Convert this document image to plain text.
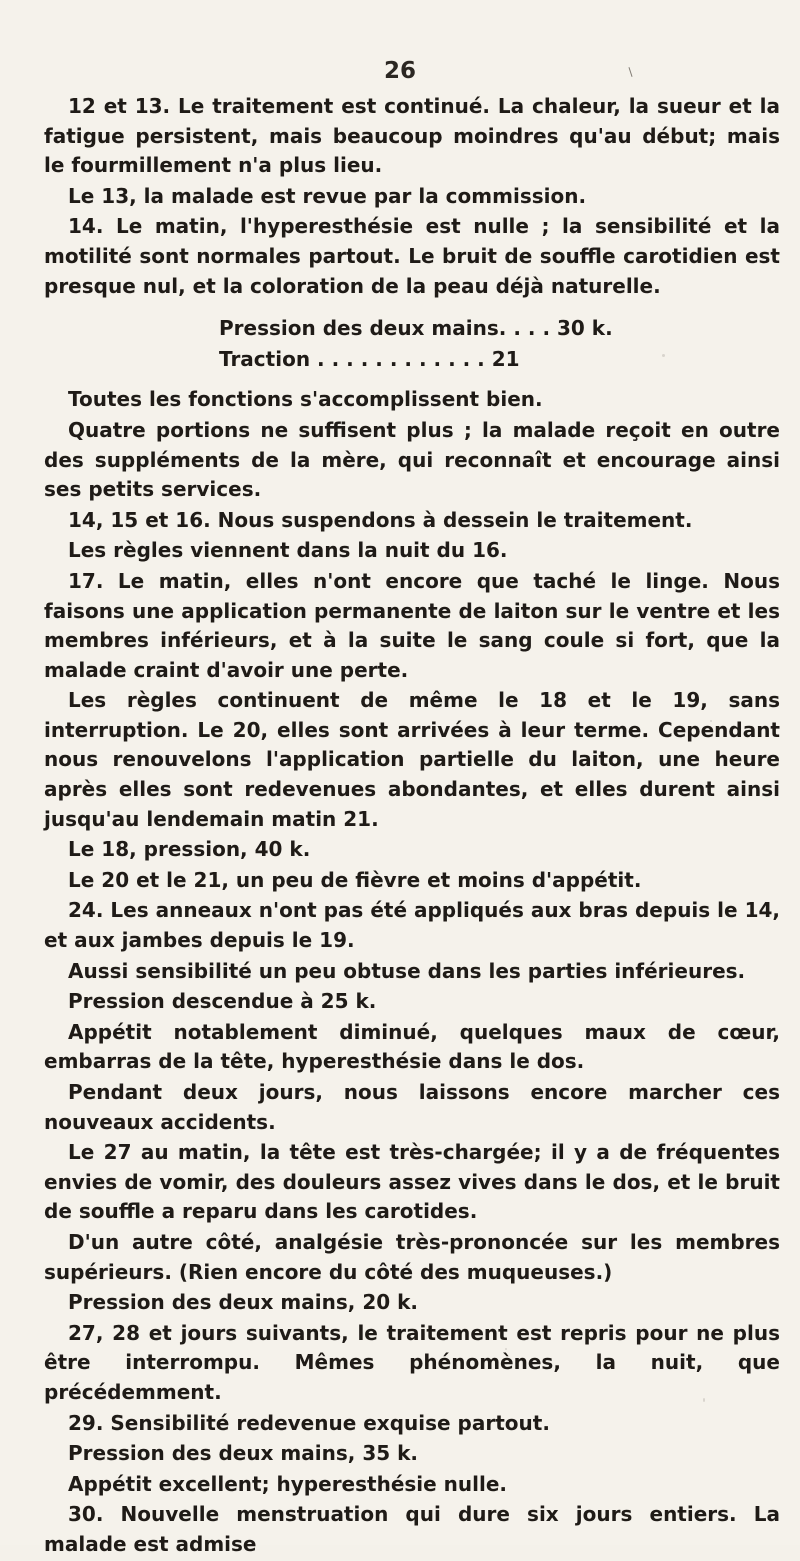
26

12 et 13. Le traitement est continué. La chaleur, la sueur et la fatigue persistent, mais beaucoup moindres qu'au début; mais le fourmillement n'a plus lieu.

Le 13, la malade est revue par la commission.

14. Le matin, l'hyperesthésie est nulle ; la sensibilité et la motilité sont normales partout. Le bruit de souffle carotidien est presque nul, et la coloration de la peau déjà naturelle.

Pression des deux mains. . . . 30 k.

Traction . . . . . . . . . . . . 21

Toutes les fonctions s'accomplissent bien.

Quatre portions ne suffisent plus ; la malade reçoit en outre des suppléments de la mère, qui reconnaît et encourage ainsi ses petits services.

14, 15 et 16. Nous suspendons à dessein le traitement.

Les règles viennent dans la nuit du 16.

17. Le matin, elles n'ont encore que taché le linge. Nous faisons une application permanente de laiton sur le ventre et les membres inférieurs, et à la suite le sang coule si fort, que la malade craint d'avoir une perte.

Les règles continuent de même le 18 et le 19, sans interruption. Le 20, elles sont arrivées à leur terme. Cependant nous renouvelons l'application partielle du laiton, une heure après elles sont redevenues abondantes, et elles durent ainsi jusqu'au lendemain matin 21.

Le 18, pression, 40 k.

Le 20 et le 21, un peu de fièvre et moins d'appétit.

24. Les anneaux n'ont pas été appliqués aux bras depuis le 14, et aux jambes depuis le 19.

Aussi sensibilité un peu obtuse dans les parties inférieures.

Pression descendue à 25 k.

Appétit notablement diminué, quelques maux de cœur, embarras de la tête, hyperesthésie dans le dos.

Pendant deux jours, nous laissons encore marcher ces nouveaux accidents.

Le 27 au matin, la tête est très-chargée; il y a de fréquentes envies de vomir, des douleurs assez vives dans le dos, et le bruit de souffle a reparu dans les carotides.

D'un autre côté, analgésie très-prononcée sur les membres supérieurs. (Rien encore du côté des muqueuses.)

Pression des deux mains, 20 k.

27, 28 et jours suivants, le traitement est repris pour ne plus être interrompu. Mêmes phénomènes, la nuit, que précédemment.

29. Sensibilité redevenue exquise partout.

Pression des deux mains, 35 k.

Appétit excellent; hyperesthésie nulle.

30. Nouvelle menstruation qui dure six jours entiers. La malade est admise
